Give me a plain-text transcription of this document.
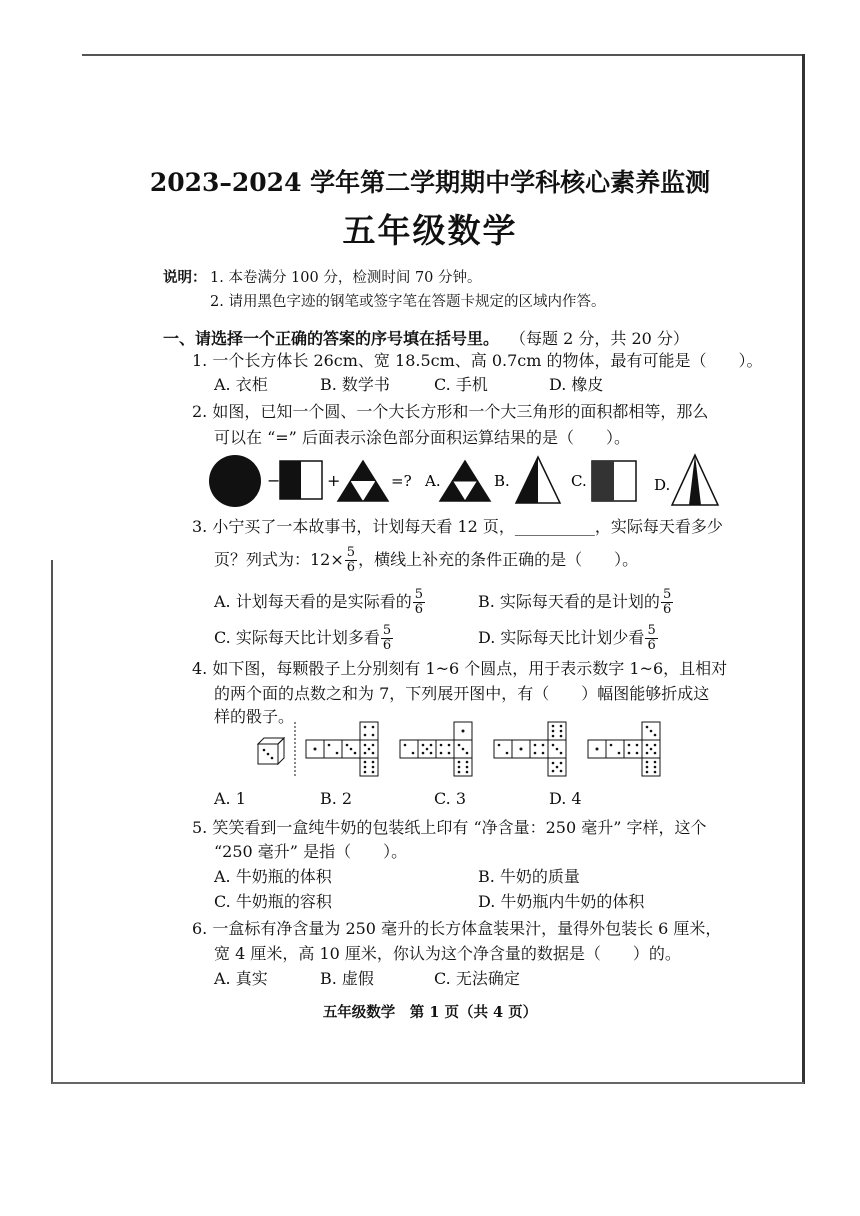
2023–2024 学年第二学期期中学科核心素养监测
五年级数学
说明： 1. 本卷满分 100 分，检测时间 70 分钟。
2. 请用黑色字迹的钢笔或签字笔在答题卡规定的区域内作答。
一、请选择一个正确的答案的序号填在括号里。 （每题 2 分，共 20 分）
1. 一个长方体长 26cm、宽 18.5cm、高 0.7cm 的物体，最有可能是（　　）。
A. 衣柜	B. 数学书	C. 手机	D. 橡皮
2. 如图，已知一个圆、一个大长方形和一个大三角形的面积都相等，那么
可以在 “=” 后面表示涂色部分面积运算结果的是（　　）。
−	+	=? A.	B.	C.	D.
3. 小宁买了一本故事书，计划每天看 12 页，__________，实际每天看多少
页？列式为：$12\times \frac{5}{6}$ ，横线上补充的条件正确的是（　　）。
A. 计划每天看的是实际看的 $\frac{5}{6}$	B. 实际每天看的是计划的 $\frac{5}{6}$
C. 实际每天比计划多看 $\frac{5}{6}$	D. 实际每天比计划少看 $\frac{5}{6}$
4. 如下图，每颗骰子上分别刻有 1~6 个圆点，用于表示数字 1~6，且相对
的两个面的点数之和为 7，下列展开图中，有（　　）幅图能够折成这
样的骰子。
A. 1	B. 2	C. 3	D. 4
5. 笑笑看到一盒纯牛奶的包装纸上印有 “净含量：250 毫升” 字样，这个
“250 毫升” 是指（　　）。
A. 牛奶瓶的体积	B. 牛奶的质量
C. 牛奶瓶的容积	D. 牛奶瓶内牛奶的体积
6. 一盒标有净含量为 250 毫升的长方体盒装果汁，量得外包装长 6 厘米，
宽 4 厘米，高 10 厘米，你认为这个净含量的数据是（　　）的。
A. 真实	B. 虚假	C. 无法确定
五年级数学　第 1 页（共 4 页）
